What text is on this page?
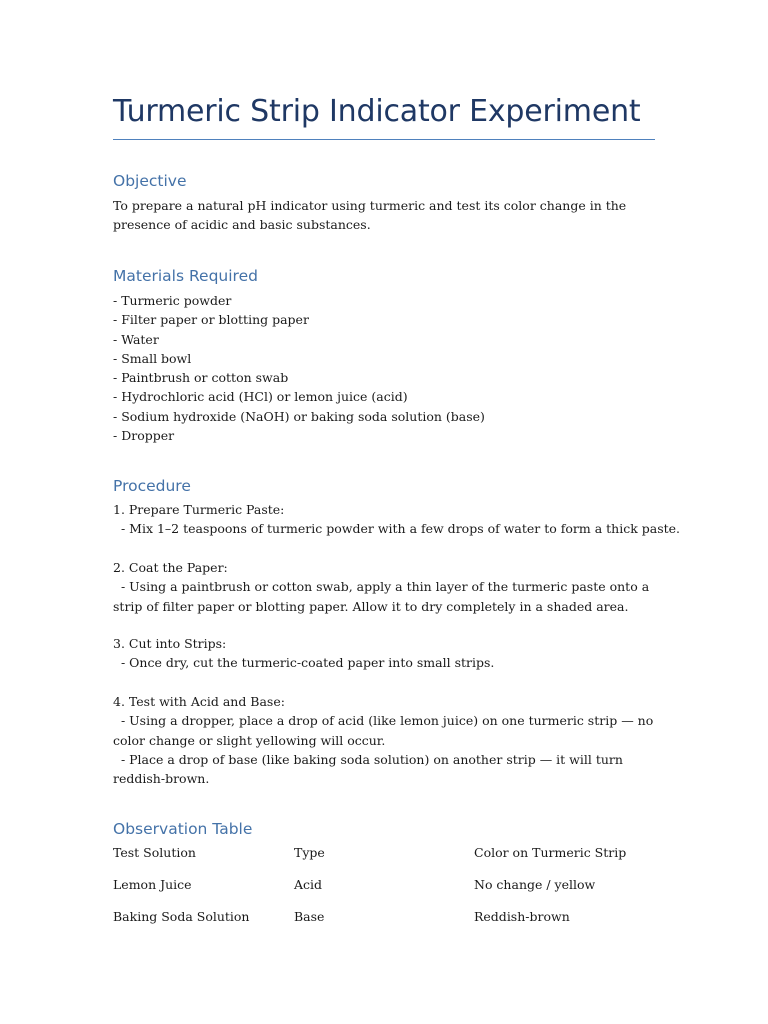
Turmeric Strip Indicator Experiment
Objective

To prepare a natural pH indicator using turmeric and test its color change in the presence of acidic and basic substances.

Materials Required
- Turmeric powder
- Filter paper or blotting paper
- Water
- Small bowl
- Paintbrush or cotton swab
- Hydrochloric acid (HCl) or lemon juice (acid)
- Sodium hydroxide (NaOH) or baking soda solution (base)
- Dropper
Procedure
1. Prepare Turmeric Paste:
- Mix 1–2 teaspoons of turmeric powder with a few drops of water to form a thick paste.
2. Coat the Paper:
- Using a paintbrush or cotton swab, apply a thin layer of the turmeric paste onto a strip of filter paper or blotting paper. Allow it to dry completely in a shaded area.
3. Cut into Strips:
- Once dry, cut the turmeric-coated paper into small strips.
4. Test with Acid and Base:
- Using a dropper, place a drop of acid (like lemon juice) on one turmeric strip — no color change or slight yellowing will occur.
- Place a drop of base (like baking soda solution) on another strip — it will turn reddish-brown.
Observation Table
Test Solution	Type	Color on Turmeric Strip
Lemon Juice	Acid	No change / yellow
Baking Soda Solution	Base	Reddish-brown
